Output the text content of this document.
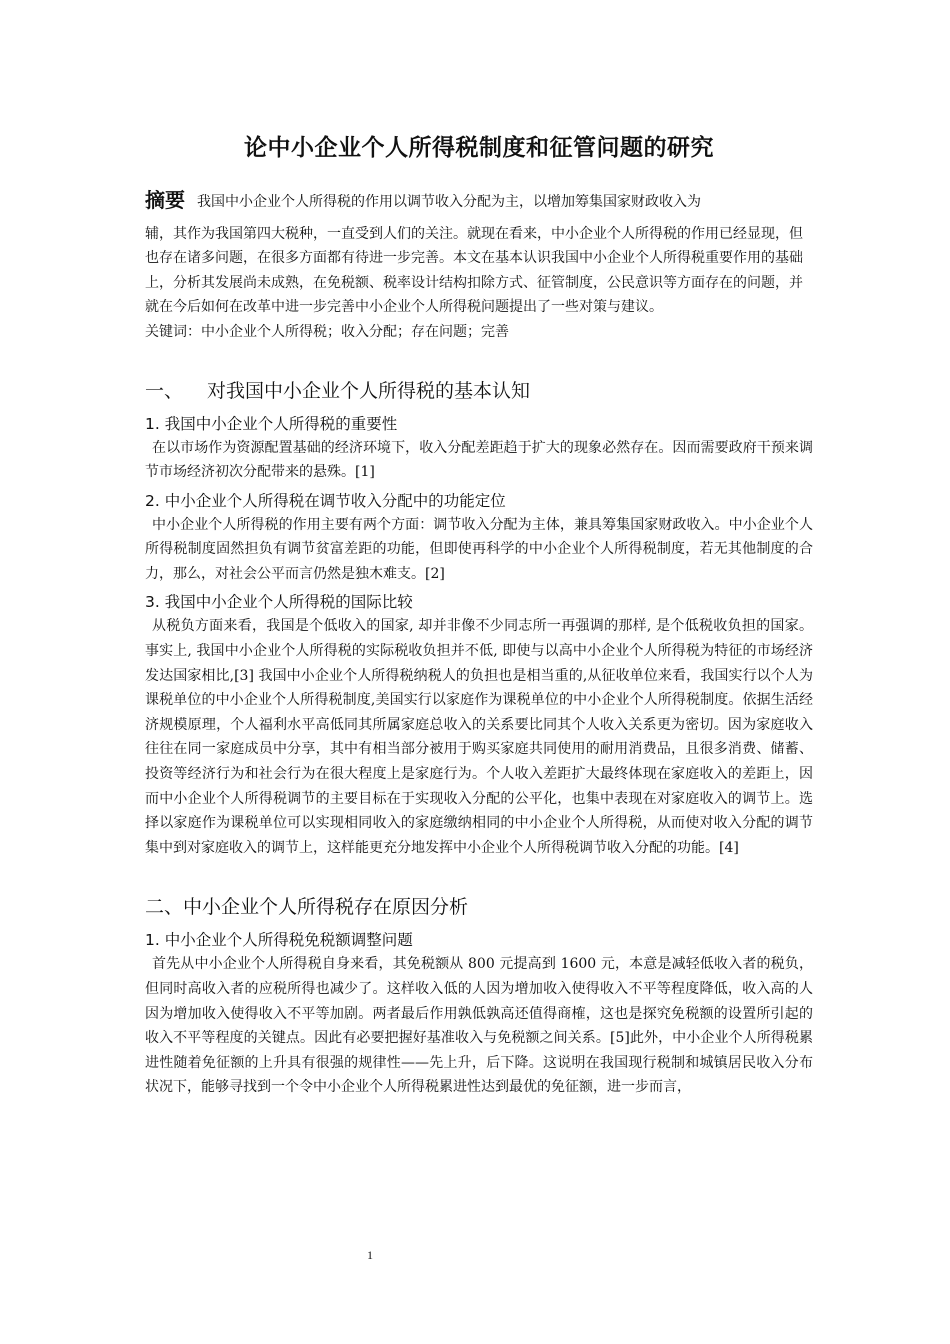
论中小企业个人所得税制度和征管问题的研究

摘要 我国中小企业个人所得税的作用以调节收入分配为主，以增加筹集国家财政收入为
辅，其作为我国第四大税种，一直受到人们的关注。就现在看来，中小企业个人所得税的作用已经显现，但也存在诸多问题，在很多方面都有待进一步完善。本文在基本认识我国中小企业个人所得税重要作用的基础上，分析其发展尚未成熟，在免税额、税率设计结构扣除方式、征管制度，公民意识等方面存在的问题，并就在今后如何在改革中进一步完善中小企业个人所得税问题提出了一些对策与建议。

关键词：中小企业个人所得税；收入分配；存在问题；完善

一、 对我国中小企业个人所得税的基本认知
1. 我国中小企业个人所得税的重要性

在以市场作为资源配置基础的经济环境下，收入分配差距趋于扩大的现象必然存在。因而需要政府干预来调节市场经济初次分配带来的悬殊。[1]

2. 中小企业个人所得税在调节收入分配中的功能定位

中小企业个人所得税的作用主要有两个方面：调节收入分配为主体，兼具筹集国家财政收入。中小企业个人所得税制度固然担负有调节贫富差距的功能，但即使再科学的中小企业个人所得税制度，若无其他制度的合力，那么，对社会公平而言仍然是独木难支。[2]

3. 我国中小企业个人所得税的国际比较

从税负方面来看，我国是个低收入的国家, 却并非像不少同志所一再强调的那样, 是个低税收负担的国家。事实上, 我国中小企业个人所得税的实际税收负担并不低, 即使与以高中小企业个人所得税为特征的市场经济发达国家相比,[3] 我国中小企业个人所得税纳税人的负担也是相当重的,从征收单位来看，我国实行以个人为课税单位的中小企业个人所得税制度,美国实行以家庭作为课税单位的中小企业个人所得税制度。依据生活经济规模原理，个人福利水平高低同其所属家庭总收入的关系要比同其个人收入关系更为密切。因为家庭收入往往在同一家庭成员中分享，其中有相当部分被用于购买家庭共同使用的耐用消费品，且很多消费、储蓄、投资等经济行为和社会行为在很大程度上是家庭行为。个人收入差距扩大最终体现在家庭收入的差距上，因而中小企业个人所得税调节的主要目标在于实现收入分配的公平化，也集中表现在对家庭收入的调节上。选择以家庭作为课税单位可以实现相同收入的家庭缴纳相同的中小企业个人所得税，从而使对收入分配的调节集中到对家庭收入的调节上，这样能更充分地发挥中小企业个人所得税调节收入分配的功能。[4]

二、中小企业个人所得税存在原因分析
1. 中小企业个人所得税免税额调整问题

首先从中小企业个人所得税自身来看，其免税额从 800 元提高到 1600 元，本意是减轻低收入者的税负，但同时高收入者的应税所得也减少了。这样收入低的人因为增加收入使得收入不平等程度降低，收入高的人因为增加收入使得收入不平等加剧。两者最后作用孰低孰高还值得商榷，这也是探究免税额的设置所引起的收入不平等程度的关键点。因此有必要把握好基准收入与免税额之间关系。[5]此外，中小企业个人所得税累进性随着免征额的上升具有很强的规律性——先上升，后下降。这说明在我国现行税制和城镇居民收入分布状况下，能够寻找到一个令中小企业个人所得税累进性达到最优的免征额，进一步而言，

1
